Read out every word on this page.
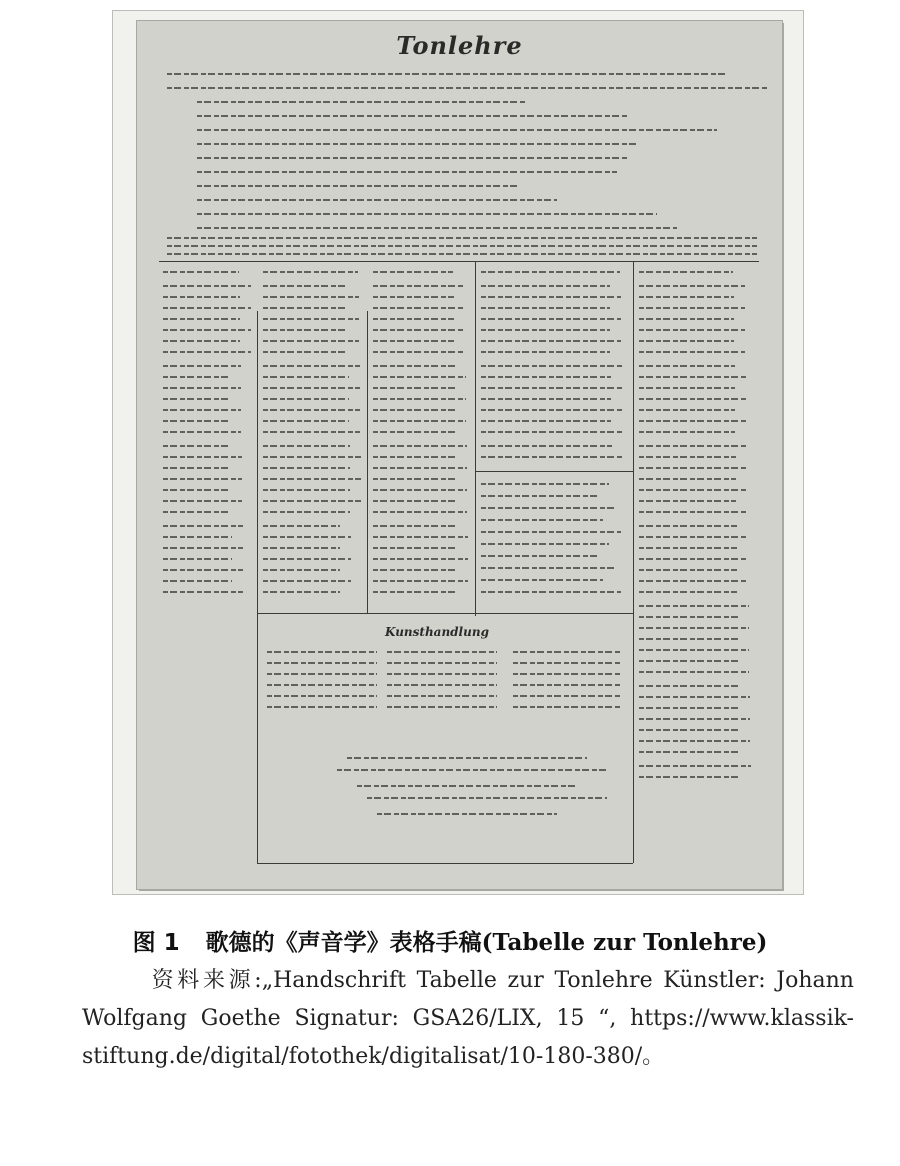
Tonlehre
Kunsthandlung
图 1 歌德的《声音学》表格手稿(Tabelle zur Tonlehre)
资料来源:„Handschrift Tabelle zur Tonlehre Künstler: Johann Wolfgang Goethe Signatur: GSA26/LIX, 15 “, https://www.klassik-stiftung.de/digital/fotothek/digitalisat/10-180-380/。
